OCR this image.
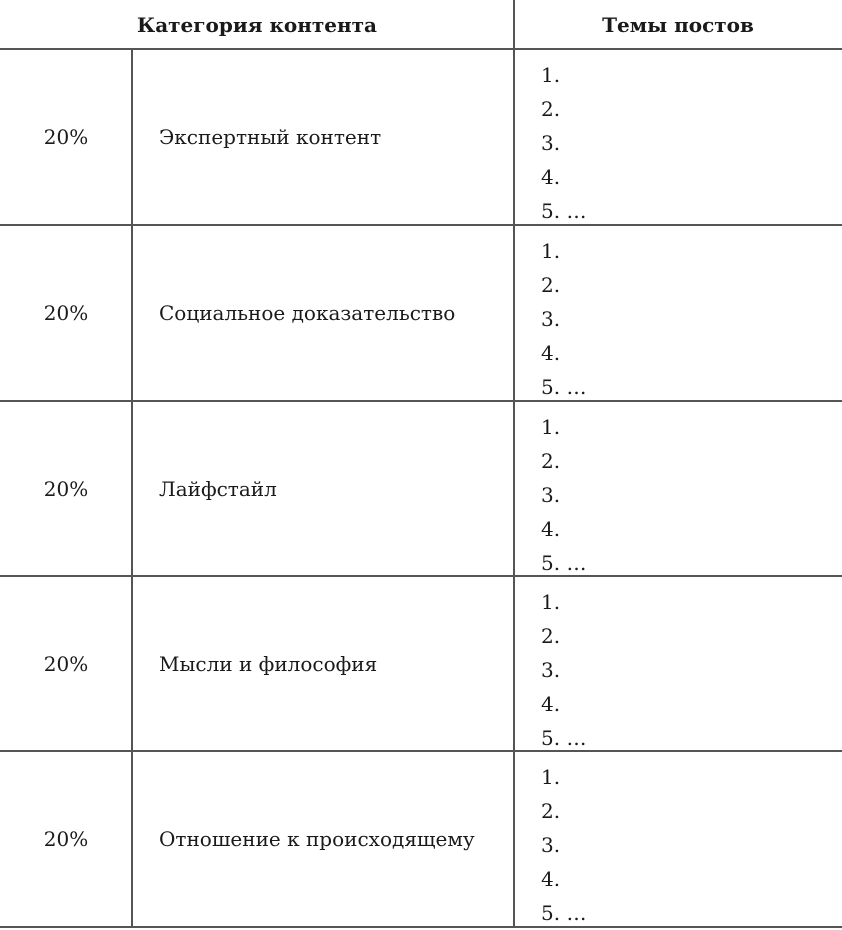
Категория контента	Темы постов
20%	Экспертный контент
1.
2.
3.
4.
5. …
20%	Социальное доказательство
1.
2.
3.
4.
5. …
20%	Лайфстайл
1.
2.
3.
4.
5. …
20%	Мысли и философия
1.
2.
3.
4.
5. …
20%	Отношение к происходящему
1.
2.
3.
4.
5. …
